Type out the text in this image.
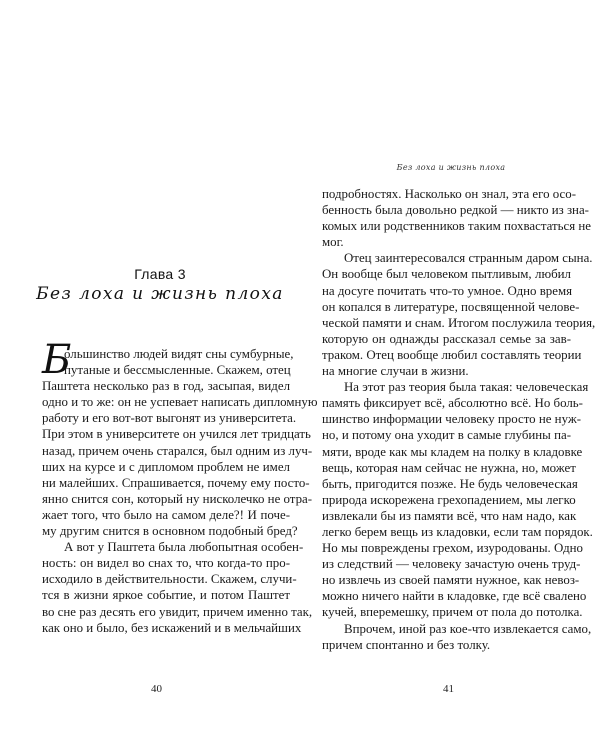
Глава 3
Без лоха и жизнь плоха
Б
ольшинство людей видят сны сумбурные,
путаные и бессмысленные. Скажем, отец
Паштета несколько раз в год, засыпая, видел
одно и то же: он не успевает написать дипломную
работу и его вот-вот выгонят из университета.
При этом в университете он учился лет тридцать
назад, причем очень старался, был одним из луч-
ших на курсе и с дипломом проблем не имел
ни малейших. Спрашивается, почему ему посто-
янно снится сон, который ну нисколечко не отра-
жает того, что было на самом деле?! И поче-
му другим снится в основном подобный бред?
А вот у Паштета была любопытная особен-
ность: он видел во снах то, что когда-то про-
исходило в действительности. Скажем, случи-
тся в жизни яркое событие, и потом Паштет
во сне раз десять его увидит, причем именно так,
как оно и было, без искажений и в мельчайших
40
Без лоха и жизнь плоха
подробностях. Насколько он знал, эта его осо-
бенность была довольно редкой — никто из зна-
комых или родственников таким похвастаться не
мог.
Отец заинтересовался странным даром сына.
Он вообще был человеком пытливым, любил
на досуге почитать что-то умное. Одно время
он копался в литературе, посвященной челове-
ческой памяти и снам. Итогом послужила теория,
которую он однажды рассказал семье за зав-
траком. Отец вообще любил составлять теории
на многие случаи в жизни.
На этот раз теория была такая: человеческая
память фиксирует всё, абсолютно всё. Но боль-
шинство информации человеку просто не нуж-
но, и потому она уходит в самые глубины па-
мяти, вроде как мы кладем на полку в кладовке
вещь, которая нам сейчас не нужна, но, может
быть, пригодится позже. Не будь человеческая
природа искорежена грехопадением, мы легко
извлекали бы из памяти всё, что нам надо, как
легко берем вещь из кладовки, если там порядок.
Но мы повреждены грехом, изуродованы. Одно
из следствий — человеку зачастую очень труд-
но извлечь из своей памяти нужное, как невоз-
можно ничего найти в кладовке, где всё свалено
кучей, вперемешку, причем от пола до потолка.
Впрочем, иной раз кое-что извлекается само,
причем спонтанно и без толку.
41
